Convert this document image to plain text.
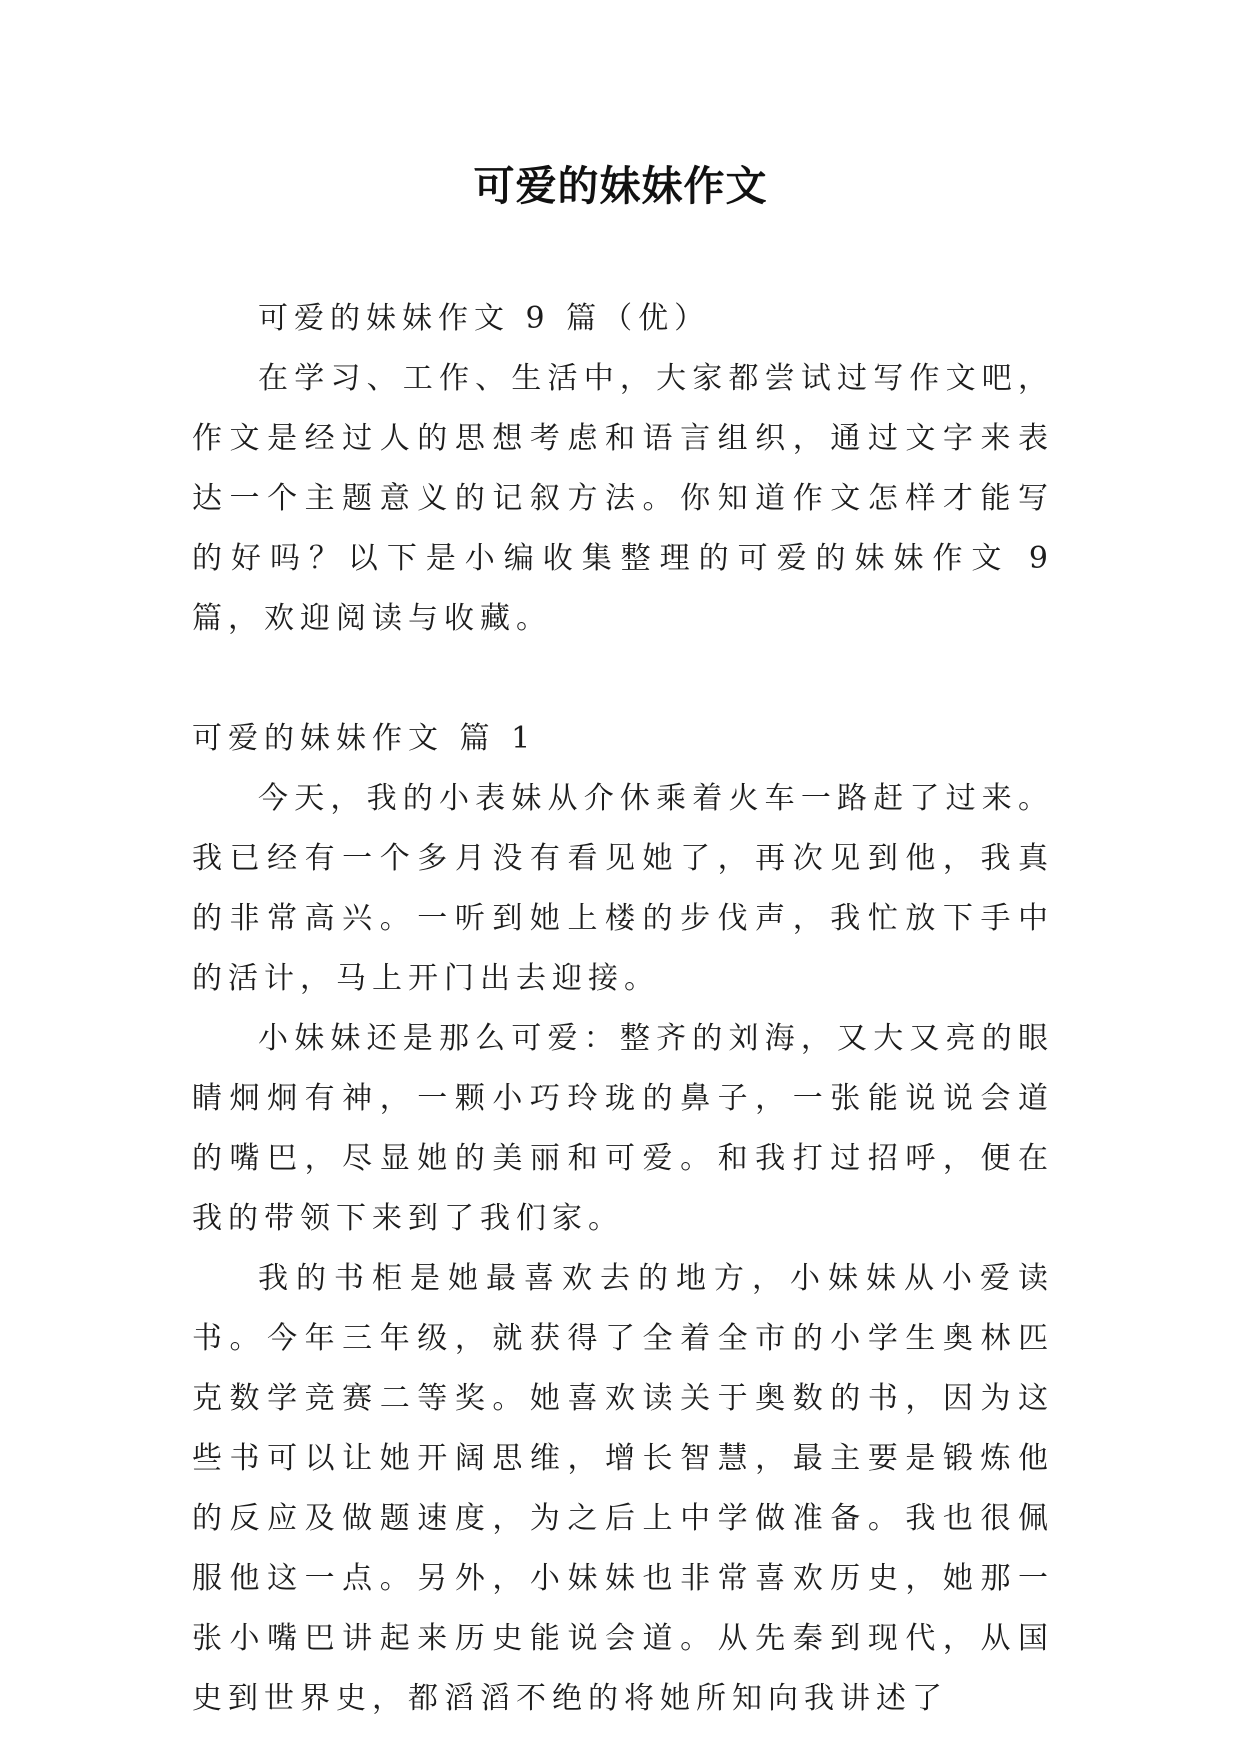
可爱的妹妹作文

可爱的妹妹作文 9 篇（优）

在学习、工作、生活中，大家都尝试过写作文吧，作文是经过人的思想考虑和语言组织，通过文字来表达一个主题意义的记叙方法。你知道作文怎样才能写的好吗？以下是小编收集整理的可爱的妹妹作文 9 篇，欢迎阅读与收藏。

可爱的妹妹作文 篇 1

今天，我的小表妹从介休乘着火车一路赶了过来。我已经有一个多月没有看见她了，再次见到他，我真的非常高兴。一听到她上楼的步伐声，我忙放下手中的活计，马上开门出去迎接。

小妹妹还是那么可爱：整齐的刘海，又大又亮的眼睛炯炯有神，一颗小巧玲珑的鼻子，一张能说说会道的嘴巴，尽显她的美丽和可爱。和我打过招呼，便在我的带领下来到了我们家。

我的书柜是她最喜欢去的地方，小妹妹从小爱读书。今年三年级，就获得了全着全市的小学生奥林匹克数学竞赛二等奖。她喜欢读关于奥数的书，因为这些书可以让她开阔思维，增长智慧，最主要是锻炼他的反应及做题速度，为之后上中学做准备。我也很佩服他这一点。另外，小妹妹也非常喜欢历史，她那一张小嘴巴讲起来历史能说会道。从先秦到现代，从国史到世界史，都滔滔不绝的将她所知向我讲述了
